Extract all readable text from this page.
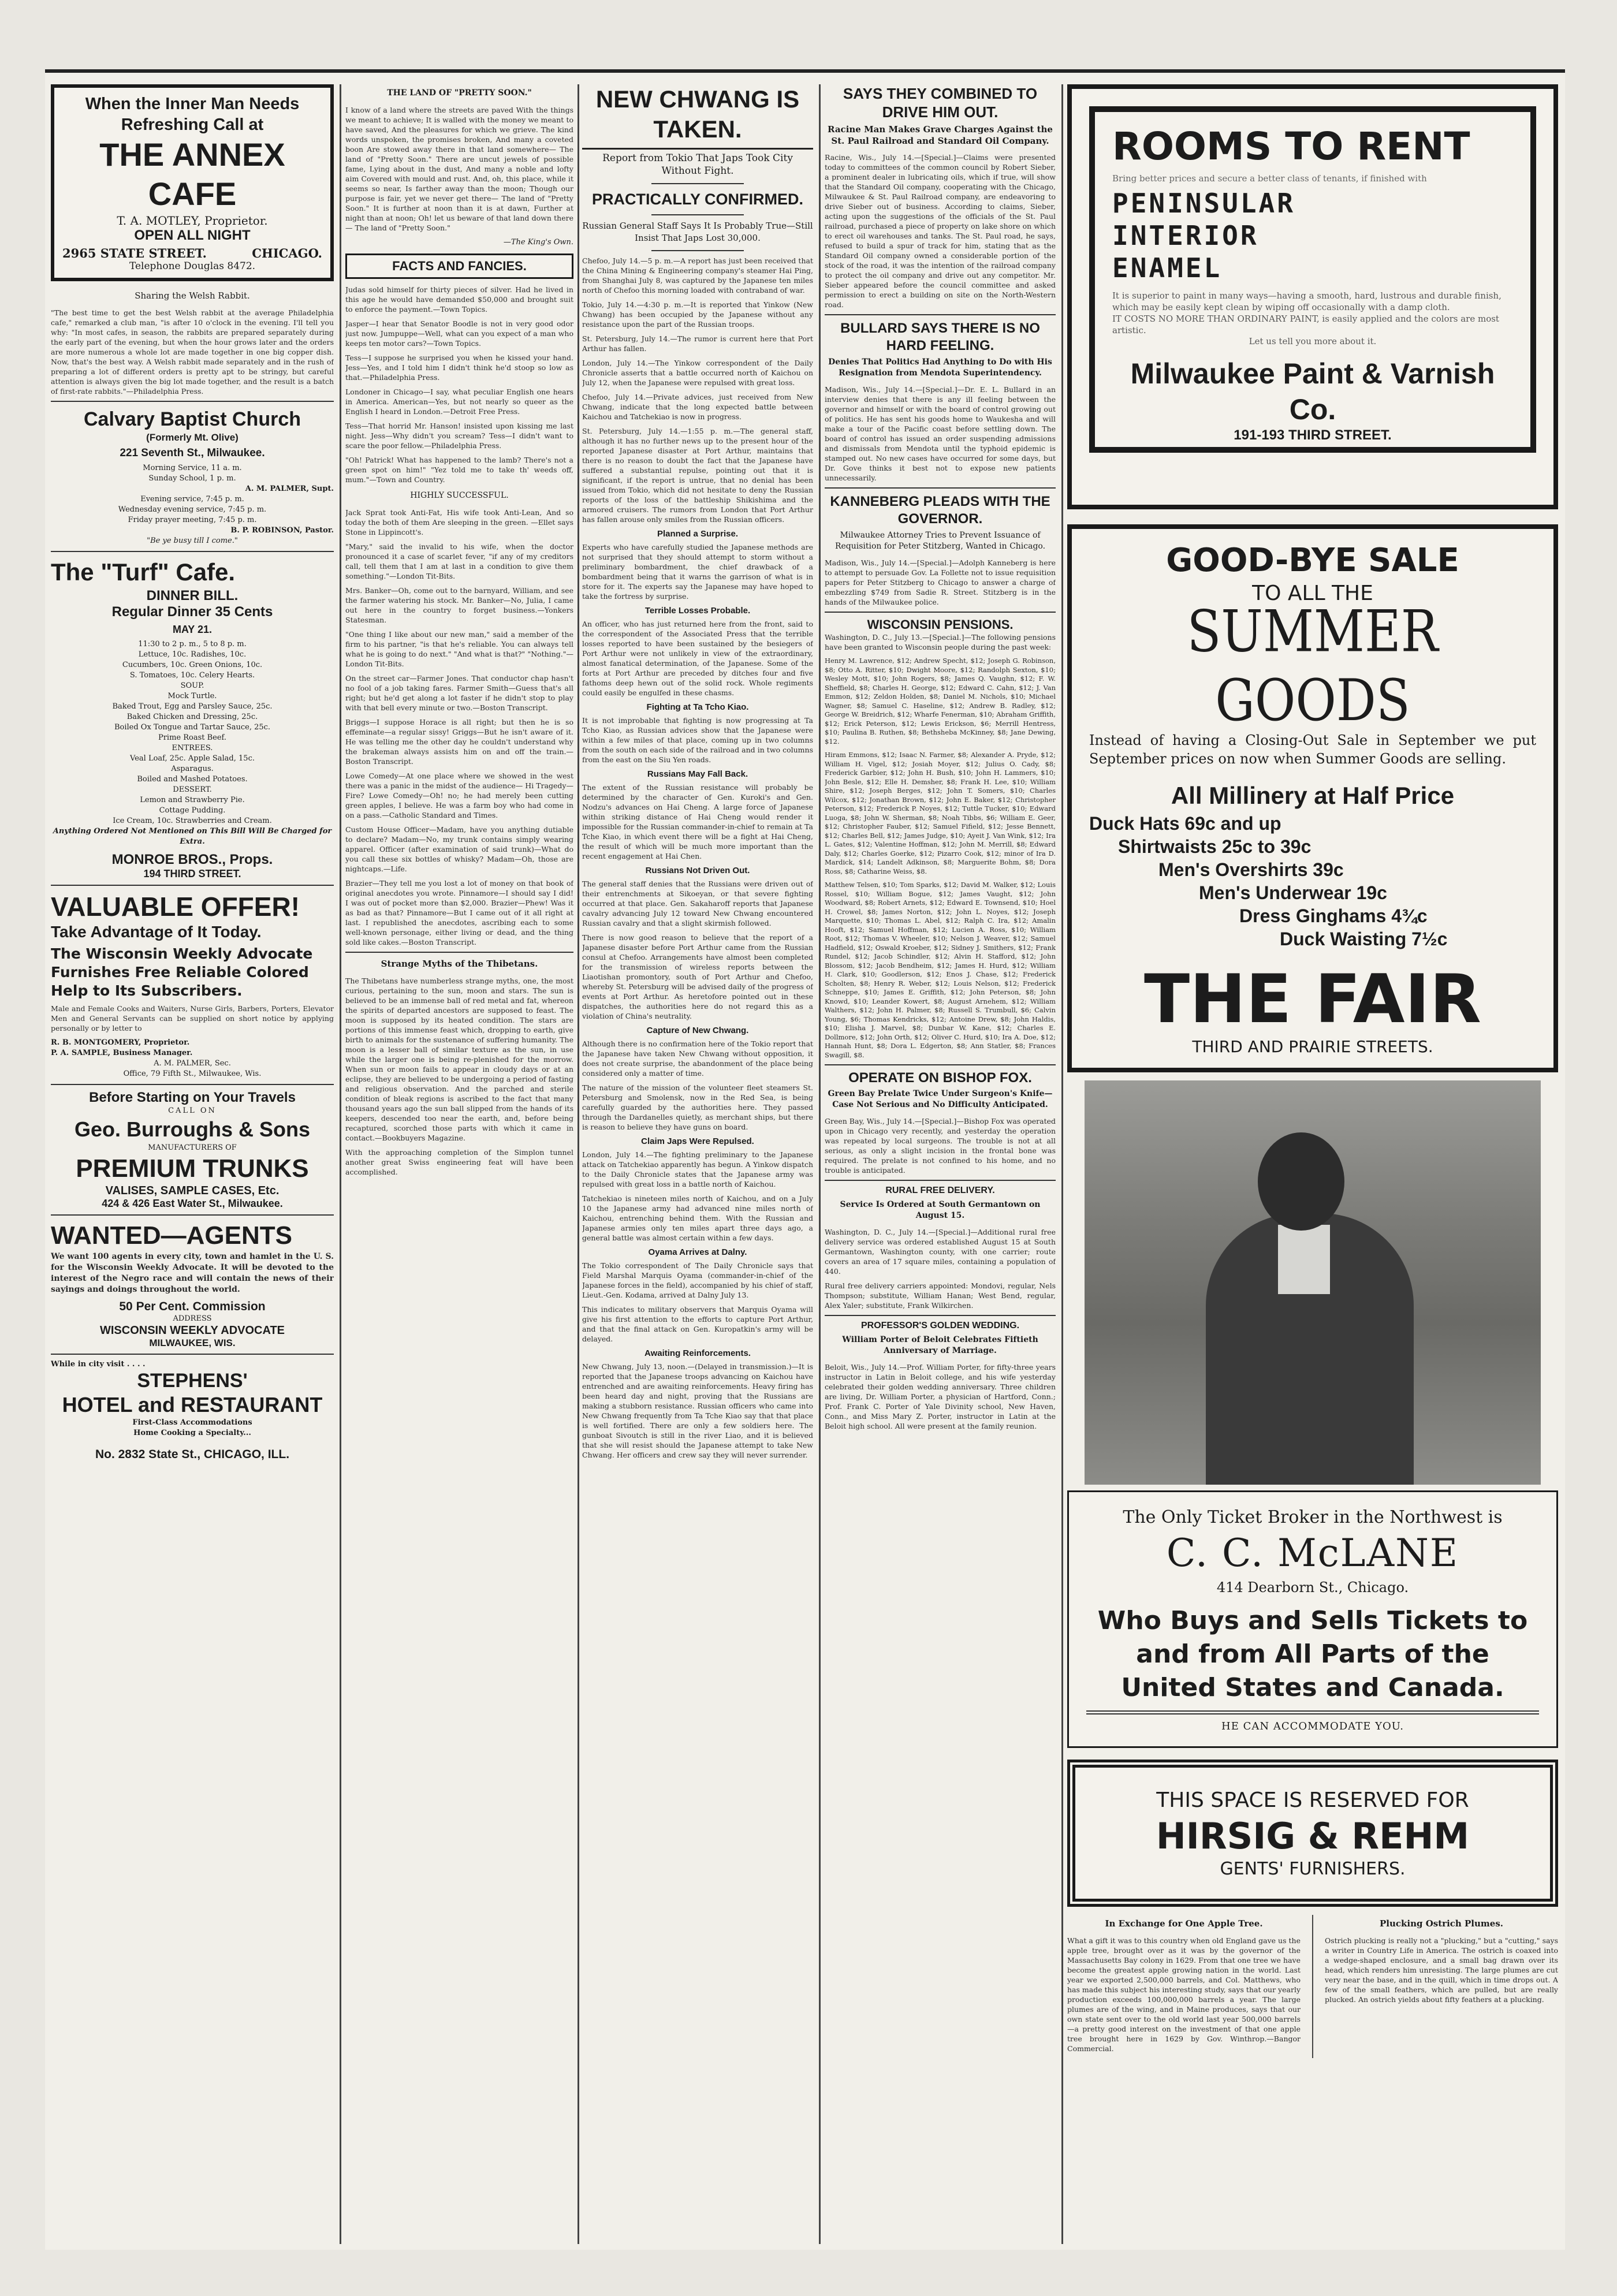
When the Inner Man Needs Refreshing Call at
THE ANNEX CAFE
T. A. MOTLEY, Proprietor.
OPEN ALL NIGHT
2965 STATE STREET.	CHICAGO.
Telephone Douglas 8472.
Sharing the Welsh Rabbit.

"The best time to get the best Welsh rabbit at the average Philadelphia cafe," remarked a club man, "is after 10 o'clock in the evening. I'll tell you why: "In most cafes, in season, the rabbits are prepared separately during the early part of the evening, but when the hour grows later and the orders are more numerous a whole lot are made together in one big copper dish. Now, that's the best way. A Welsh rabbit made separately and in the rush of preparing a lot of different orders is pretty apt to be stringy, but careful attention is always given the big lot made together, and the result is a batch of first-rate rabbits."—Philadelphia Press.

Calvary Baptist Church
(Formerly Mt. Olive)
221 Seventh St., Milwaukee.
Morning Service, 11 a. m.
Sunday School, 1 p. m.
A. M. PALMER, Supt.
Evening service, 7:45 p. m.
Wednesday evening service, 7:45 p. m.
Friday prayer meeting, 7:45 p. m.
B. P. ROBINSON, Pastor.
"Be ye busy till I come."
The "Turf" Cafe.
DINNER BILL.
Regular Dinner 35 Cents
MAY 21.
11:30 to 2 p. m., 5 to 8 p. m.
Lettuce, 10c. Radishes, 10c.
Cucumbers, 10c. Green Onions, 10c.
S. Tomatoes, 10c. Celery Hearts.
SOUP.
Mock Turtle.
Baked Trout, Egg and Parsley Sauce, 25c.
Baked Chicken and Dressing, 25c.
Boiled Ox Tongue and Tartar Sauce, 25c.
Prime Roast Beef.
ENTREES.
Veal Loaf, 25c. Apple Salad, 15c.
Asparagus.
Boiled and Mashed Potatoes.
DESSERT.
Lemon and Strawberry Pie.
Cottage Pudding.
Ice Cream, 10c. Strawberries and Cream.
Anything Ordered Not Mentioned on This Bill Will Be Charged for Extra.
MONROE BROS., Props.
194 THIRD STREET.
VALUABLE OFFER!
Take Advantage of It Today.
The Wisconsin Weekly Advocate Furnishes Free Reliable Colored Help to Its Subscribers.

Male and Female Cooks and Waiters, Nurse Girls, Barbers, Porters, Elevator Men and General Servants can be supplied on short notice by applying personally or by letter to

R. B. MONTGOMERY, Proprietor.
P. A. SAMPLE, Business Manager.
A. M. PALMER, Sec.
Office, 79 Fifth St., Milwaukee, Wis.
Before Starting on Your Travels
CALL ON
Geo. Burroughs & Sons
MANUFACTURERS OF
PREMIUM TRUNKS
VALISES, SAMPLE CASES, Etc.
424 & 426 East Water St., Milwaukee.
WANTED—AGENTS

We want 100 agents in every city, town and hamlet in the U. S. for the Wisconsin Weekly Advocate. It will be devoted to the interest of the Negro race and will contain the news of their sayings and doings throughout the world.

50 Per Cent. Commission
ADDRESS
WISCONSIN WEEKLY ADVOCATE
MILWAUKEE, WIS.
While in city visit . . . .
STEPHENS'
HOTEL and RESTAURANT
First-Class Accommodations
Home Cooking a Specialty...
No. 2832 State St., CHICAGO, ILL.
THE LAND OF "PRETTY SOON."

I know of a land where the streets are paved With the things we meant to achieve; It is walled with the money we meant to have saved, And the pleasures for which we grieve. The kind words unspoken, the promises broken, And many a coveted boon Are stowed away there in that land somewhere— The land of "Pretty Soon." There are uncut jewels of possible fame, Lying about in the dust, And many a noble and lofty aim Covered with mould and rust. And, oh, this place, while it seems so near, Is farther away than the moon; Though our purpose is fair, yet we never get there— The land of "Pretty Soon." It is further at noon than it is at dawn, Further at night than at noon; Oh! let us beware of that land down there— The land of "Pretty Soon."

—The King's Own.
FACTS AND FANCIES.

Judas sold himself for thirty pieces of silver. Had he lived in this age he would have demanded $50,000 and brought suit to enforce the payment.—Town Topics.

Jasper—I hear that Senator Boodle is not in very good odor just now. Jumpuppe—Well, what can you expect of a man who keeps ten motor cars?—Town Topics.

Tess—I suppose he surprised you when he kissed your hand. Jess—Yes, and I told him I didn't think he'd stoop so low as that.—Philadelphia Press.

Londoner in Chicago—I say, what peculiar English one hears in America. American—Yes, but not nearly so queer as the English I heard in London.—Detroit Free Press.

Tess—That horrid Mr. Hanson! insisted upon kissing me last night. Jess—Why didn't you scream? Tess—I didn't want to scare the poor fellow.—Philadelphia Press.

"Oh! Patrick! What has happened to the lamb? There's not a green spot on him!" "Yez told me to take th' weeds off, mum."—Town and Country.

HIGHLY SUCCESSFUL.

Jack Sprat took Anti-Fat, His wife took Anti-Lean, And so today the both of them Are sleeping in the green. —Ellet says Stone in Lippincott's.

"Mary," said the invalid to his wife, when the doctor pronounced it a case of scarlet fever, "if any of my creditors call, tell them that I am at last in a condition to give them something."—London Tit-Bits.

Mrs. Banker—Oh, come out to the barnyard, William, and see the farmer watering his stock. Mr. Banker—No, Julia, I came out here in the country to forget business.—Yonkers Statesman.

"One thing I like about our new man," said a member of the firm to his partner, "is that he's reliable. You can always tell what he is going to do next." "And what is that?" "Nothing."—London Tit-Bits.

On the street car—Farmer Jones. That conductor chap hasn't no fool of a job taking fares. Farmer Smith—Guess that's all right; but he'd get along a lot faster if he didn't stop to play with that bell every minute or two.—Boston Transcript.

Briggs—I suppose Horace is all right; but then he is so effeminate—a regular sissy! Griggs—But he isn't aware of it. He was telling me the other day he couldn't understand why the brakeman always assists him on and off the train.—Boston Transcript.

Lowe Comedy—At one place where we showed in the west there was a panic in the midst of the audience— Hi Tragedy—Fire? Lowe Comedy—Oh! no; he had merely been cutting green apples, I believe. He was a farm boy who had come in on a pass.—Catholic Standard and Times.

Custom House Officer—Madam, have you anything dutiable to declare? Madam—No, my trunk contains simply wearing apparel. Officer (after examination of said trunk)—What do you call these six bottles of whisky? Madam—Oh, those are nightcaps.—Life.

Brazier—They tell me you lost a lot of money on that book of original anecdotes you wrote. Pinnamore—I should say I did! I was out of pocket more than $2,000. Brazier—Phew! Was it as bad as that? Pinnamore—But I came out of it all right at last. I republished the anecdotes, ascribing each to some well-known personage, either living or dead, and the thing sold like cakes.—Boston Transcript.

Strange Myths of the Thibetans.

The Thibetans have numberless strange myths, one, the most curious, pertaining to the sun, moon and stars. The sun is believed to be an immense ball of red metal and fat, whereon the spirits of departed ancestors are supposed to feast. The moon is supposed by its heated condition. The stars are portions of this immense feast which, dropping to earth, give birth to animals for the sustenance of suffering humanity. The moon is a lesser ball of similar texture as the sun, in use while the larger one is being re-plenished for the morrow. When sun or moon fails to appear in cloudy days or at an eclipse, they are believed to be undergoing a period of fasting and religious observation. And the parched and sterile condition of bleak regions is ascribed to the fact that many thousand years ago the sun ball slipped from the hands of its keepers, descended too near the earth, and, before being recaptured, scorched those parts with which it came in contact.—Bookbuyers Magazine.

With the approaching completion of the Simplon tunnel another great Swiss engineering feat will have been accomplished.

NEW CHWANG IS TAKEN.
Report from Tokio That Japs Took City Without Fight.
PRACTICALLY CONFIRMED.
Russian General Staff Says It Is Probably True—Still Insist That Japs Lost 30,000.

Chefoo, July 14.—5 p. m.—A report has just been received that the China Mining & Engineering company's steamer Hai Ping, from Shanghai July 8, was captured by the Japanese ten miles north of Chefoo this morning loaded with contraband of war.

Tokio, July 14.—4:30 p. m.—It is reported that Yinkow (New Chwang) has been occupied by the Japanese without any resistance upon the part of the Russian troops.

St. Petersburg, July 14.—The rumor is current here that Port Arthur has fallen.

London, July 14.—The Yinkow correspondent of the Daily Chronicle asserts that a battle occurred north of Kaichou on July 12, when the Japanese were repulsed with great loss.

Chefoo, July 14.—Private advices, just received from New Chwang, indicate that the long expected battle between Kaichou and Tatchekiao is now in progress.

St. Petersburg, July 14.—1:55 p. m.—The general staff, although it has no further news up to the present hour of the reported Japanese disaster at Port Arthur, maintains that there is no reason to doubt the fact that the Japanese have suffered a substantial repulse, pointing out that it is significant, if the report is untrue, that no denial has been issued from Tokio, which did not hesitate to deny the Russian reports of the loss of the battleship Shikishima and the armored cruisers. The rumors from London that Port Arthur has fallen arouse only smiles from the Russian officers.

Planned a Surprise.

Experts who have carefully studied the Japanese methods are not surprised that they should attempt to storm without a preliminary bombardment, the chief drawback of a bombardment being that it warns the garrison of what is in store for it. The experts say the Japanese may have hoped to take the fortress by surprise.

Terrible Losses Probable.

An officer, who has just returned here from the front, said to the correspondent of the Associated Press that the terrible losses reported to have been sustained by the besiegers of Port Arthur were not unlikely in view of the extraordinary, almost fanatical determination, of the Japanese. Some of the forts at Port Arthur are preceded by ditches four and five fathoms deep hewn out of the solid rock. Whole regiments could easily be engulfed in these chasms.

Fighting at Ta Tcho Kiao.

It is not improbable that fighting is now progressing at Ta Tcho Kiao, as Russian advices show that the Japanese were within a few miles of that place, coming up in two columns from the south on each side of the railroad and in two columns from the east on the Siu Yen roads.

Russians May Fall Back.

The extent of the Russian resistance will probably be determined by the character of Gen. Kuroki's and Gen. Nodzu's advances on Hai Cheng. A large force of Japanese within striking distance of Hai Cheng would render it impossible for the Russian commander-in-chief to remain at Ta Tche Kiao, in which event there will be a fight at Hai Cheng, the result of which will be much more important than the recent engagement at Hai Chen.

Russians Not Driven Out.

The general staff denies that the Russians were driven out of their entrenchments at Sikoeyan, or that severe fighting occurred at that place. Gen. Sakaharoff reports that Japanese cavalry advancing July 12 toward New Chwang encountered Russian cavalry and that a slight skirmish followed.

There is now good reason to believe that the report of a Japanese disaster before Port Arthur came from the Russian consul at Chefoo. Arrangements have almost been completed for the transmission of wireless reports between the Liaotishan promontory, south of Port Arthur and Chefoo, whereby St. Petersburg will be advised daily of the progress of events at Port Arthur. As heretofore pointed out in these dispatches, the authorities here do not regard this as a violation of China's neutrality.

Capture of New Chwang.

Although there is no confirmation here of the Tokio report that the Japanese have taken New Chwang without opposition, it does not create surprise, the abandonment of the place being considered only a matter of time.

The nature of the mission of the volunteer fleet steamers St. Petersburg and Smolensk, now in the Red Sea, is being carefully guarded by the authorities here. They passed through the Dardanelles quietly, as merchant ships, but there is reason to believe they have guns on board.

Claim Japs Were Repulsed.

London, July 14.—The fighting preliminary to the Japanese attack on Tatchekiao apparently has begun. A Yinkow dispatch to the Daily Chronicle states that the Japanese army was repulsed with great loss in a battle north of Kaichou.

Tatchekiao is nineteen miles north of Kaichou, and on a July 10 the Japanese army had advanced nine miles north of Kaichou, entrenching behind them. With the Russian and Japanese armies only ten miles apart three days ago, a general battle was almost certain within a few days.

Oyama Arrives at Dalny.

The Tokio correspondent of The Daily Chronicle says that Field Marshal Marquis Oyama (commander-in-chief of the Japanese forces in the field), accompanied by his chief of staff, Lieut.-Gen. Kodama, arrived at Dalny July 13.

This indicates to military observers that Marquis Oyama will give his first attention to the efforts to capture Port Arthur, and that the final attack on Gen. Kuropatkin's army will be delayed.

Awaiting Reinforcements.

New Chwang, July 13, noon.—(Delayed in transmission.)—It is reported that the Japanese troops advancing on Kaichou have entrenched and are awaiting reinforcements. Heavy firing has been heard day and night, proving that the Russians are making a stubborn resistance. Russian officers who came into New Chwang frequently from Ta Tche Kiao say that that place is well fortified. There are only a few soldiers here. The gunboat Sivoutch is still in the river Liao, and it is believed that she will resist should the Japanese attempt to take New Chwang. Her officers and crew say they will never surrender.

SAYS THEY COMBINED TO DRIVE HIM OUT.
Racine Man Makes Grave Charges Against the St. Paul Railroad and Standard Oil Company.

Racine, Wis., July 14.—[Special.]—Claims were presented today to committees of the common council by Robert Sieber, a prominent dealer in lubricating oils, which if true, will show that the Standard Oil company, cooperating with the Chicago, Milwaukee & St. Paul Railroad company, are endeavoring to drive Sieber out of business. According to claims, Sieber, acting upon the suggestions of the officials of the St. Paul railroad, purchased a piece of property on lake shore on which to erect oil warehouses and tanks. The St. Paul road, he says, refused to build a spur of track for him, stating that as the Standard Oil company owned a considerable portion of the stock of the road, it was the intention of the railroad company to protect the oil company and drive out any competitor. Mr. Sieber appeared before the council committee and asked permission to erect a building on site on the North-Western road.

BULLARD SAYS THERE IS NO HARD FEELING.
Denies That Politics Had Anything to Do with His Resignation from Mendota Superintendency.

Madison, Wis., July 14.—[Special.]—Dr. E. L. Bullard in an interview denies that there is any ill feeling between the governor and himself or with the board of control growing out of politics. He has sent his goods home to Waukesha and will make a tour of the Pacific coast before settling down. The board of control has issued an order suspending admissions and dismissals from Mendota until the typhoid epidemic is stamped out. No new cases have occurred for some days, but Dr. Gove thinks it best not to expose new patients unnecessarily.

KANNEBERG PLEADS WITH THE GOVERNOR.
Milwaukee Attorney Tries to Prevent Issuance of Requisition for Peter Stitzberg, Wanted in Chicago.

Madison, Wis., July 14.—[Special.]—Adolph Kanneberg is here to attempt to persuade Gov. La Follette not to issue requisition papers for Peter Stitzberg to Chicago to answer a charge of embezzling $749 from Sadie R. Street. Stitzberg is in the hands of the Milwaukee police.

WISCONSIN PENSIONS.

Washington, D. C., July 13.—[Special.]—The following pensions have been granted to Wisconsin people during the past week:

Henry M. Lawrence, $12; Andrew Specht, $12; Joseph G. Robinson, $8; Otto A. Ritter, $10; Dwight Moore, $12; Randolph Sexton, $10; Wesley Mott, $10; John Rogers, $8; James Q. Vaughn, $12; F. W. Sheffield, $8; Charles H. George, $12; Edward C. Cahn, $12; J. Van Emmon, $12; Zeldon Holden, $8; Daniel M. Nichols, $10; Michael Wagner, $8; Samuel C. Haseline, $12; Andrew B. Radley, $12; George W. Breidrich, $12; Wharfe Fenerman, $10; Abraham Griffith, $12; Erick Peterson, $12; Lewis Erickson, $6; Merrill Hentress, $10; Paulina B. Ruthen, $8; Bethsheba McKinney, $8; Jane Dewing, $12.

Hiram Emmons, $12; Isaac N. Farmer, $8; Alexander A. Pryde, $12; William H. Vigel, $12; Josiah Moyer, $12; Julius O. Cady, $8; Frederick Garbier, $12; John H. Bush, $10; John H. Lammers, $10; John Besle, $12; Elle H. Demsher, $8; Frank H. Lee, $10; William Shire, $12; Joseph Berges, $12; John T. Somers, $10; Charles Wilcox, $12; Jonathan Brown, $12; John E. Baker, $12; Christopher Peterson, $12; Frederick P. Noyes, $12; Tuttle Tucker, $10; Edward Luoga, $8; John W. Sherman, $8; Noah Tibbs, $6; William E. Geer, $12; Christopher Fauber, $12; Samuel Fifield, $12; Jesse Bennett, $12; Charles Bell, $12; James Judge, $10; Ayeit J. Van Wink, $12; Ira L. Gates, $12; Valentine Hoffman, $12; John M. Merrill, $8; Edward Daly, $12; Charles Goerke, $12; Pizarro Cook, $12; minor of Ira D. Mardick, $14; Landelt Adkinson, $8; Marguerite Bohm, $8; Dora Ross, $8; Catharine Weiss, $8.

Matthew Telsen, $10; Tom Sparks, $12; David M. Walker, $12; Louis Rossel, $10; William Bogue, $12; James Vaught, $12; John Woodward, $8; Robert Arnets, $12; Edward E. Townsend, $10; Hoel H. Crowel, $8; James Norton, $12; John L. Noyes, $12; Joseph Marquette, $10; Thomas L. Abel, $12; Ralph C. Ira, $12; Amalin Hooft, $12; Samuel Hoffman, $12; Lucien A. Ross, $10; William Root, $12; Thomas V. Wheeler, $10; Nelson J. Weaver, $12; Samuel Hadfield, $12; Oswald Kroeber, $12; Sidney J. Smithers, $12; Frank Rundel, $12; Jacob Schindler, $12; Alvin H. Stafford, $12; John Blossom, $12; Jacob Bendheim, $12; James H. Hurd, $12; William H. Clark, $10; Goodlerson, $12; Enos J. Chase, $12; Frederick Scholten, $8; Henry R. Weber, $12; Louis Nelson, $12; Frederick Schneppe, $10; James E. Griffith, $12; John Peterson, $8; John Knowd, $10; Leander Kowert, $8; August Arnehem, $12; William Walthers, $12; John H. Palmer, $8; Russell S. Trumbull, $6; Calvin Young, $6; Thomas Kendricks, $12; Antoine Drew, $8; John Haldis, $10; Elisha J. Marvel, $8; Dunbar W. Kane, $12; Charles E. Dollmore, $12; John Orth, $12; Oliver C. Hurd, $10; Ira A. Doe, $12; Hannah Hunt, $8; Dora L. Edgerton, $8; Ann Statler, $8; Frances Swagill, $8.

OPERATE ON BISHOP FOX.
Green Bay Prelate Twice Under Surgeon's Knife—Case Not Serious and No Difficulty Anticipated.

Green Bay, Wis., July 14.—[Special.]—Bishop Fox was operated upon in Chicago very recently, and yesterday the operation was repeated by local surgeons. The trouble is not at all serious, as only a slight incision in the frontal bone was required. The prelate is not confined to his home, and no trouble is anticipated.

RURAL FREE DELIVERY.
Service Is Ordered at South Germantown on August 15.

Washington, D. C., July 14.—[Special.]—Additional rural free delivery service was ordered established August 15 at South Germantown, Washington county, with one carrier; route covers an area of 17 square miles, containing a population of 440.

Rural free delivery carriers appointed: Mondovi, regular, Nels Thompson; substitute, William Hanan; West Bend, regular, Alex Yaler; substitute, Frank Wilkirchen.

PROFESSOR'S GOLDEN WEDDING.
William Porter of Beloit Celebrates Fiftieth Anniversary of Marriage.

Beloit, Wis., July 14.—Prof. William Porter, for fifty-three years instructor in Latin in Beloit college, and his wife yesterday celebrated their golden wedding anniversary. Three children are living, Dr. William Porter, a physician of Hartford, Conn.; Prof. Frank C. Porter of Yale Divinity school, New Haven, Conn., and Miss Mary Z. Porter, instructor in Latin at the Beloit high school. All were present at the family reunion.

ROOMS TO RENT
Bring better prices and secure a better class of tenants, if finished with
PENINSULAR
INTERIOR
ENAMEL
It is superior to paint in many ways—having a smooth, hard, lustrous and durable finish, which may be easily kept clean by wiping off occasionally with a damp cloth.
IT COSTS NO MORE THAN ORDINARY PAINT, is easily applied and the colors are most artistic.
Let us tell you more about it.
Milwaukee Paint & Varnish Co.
191-193 THIRD STREET.
GOOD-BYE SALE
TO ALL THE
SUMMER GOODS
Instead of having a Closing-Out Sale in September we put September prices on now when Summer Goods are selling.
All Millinery at Half Price
Duck Hats 69c and up
Shirtwaists 25c to 39c
Men's Overshirts 39c
Men's Underwear 19c
Dress Ginghams 4¾c
Duck Waisting 7½c
THE FAIR
THIRD AND PRAIRIE STREETS.
The Only Ticket Broker in the Northwest is
C. C. McLANE
414 Dearborn St., Chicago.
Who Buys and Sells Tickets to and from All Parts of the United States and Canada.
HE CAN ACCOMMODATE YOU.
THIS SPACE IS RESERVED FOR
HIRSIG & REHM
GENTS' FURNISHERS.
In Exchange for One Apple Tree.

What a gift it was to this country when old England gave us the apple tree, brought over as it was by the governor of the Massachusetts Bay colony in 1629. From that one tree we have become the greatest apple growing nation in the world. Last year we exported 2,500,000 barrels, and Col. Matthews, who has made this subject his interesting study, says that our yearly production exceeds 100,000,000 barrels a year. The large plumes are of the wing, and in Maine produces, says that our own state sent over to the old world last year 500,000 barrels—a pretty good interest on the investment of that one apple tree brought here in 1629 by Gov. Winthrop.—Bangor Commercial.

Plucking Ostrich Plumes.

Ostrich plucking is really not a "plucking," but a "cutting," says a writer in Country Life in America. The ostrich is coaxed into a wedge-shaped enclosure, and a small bag drawn over its head, which renders him unresisting. The large plumes are cut very near the base, and in the quill, which in time drops out. A few of the small feathers, which are pulled, but are really plucked. An ostrich yields about fifty feathers at a plucking.
